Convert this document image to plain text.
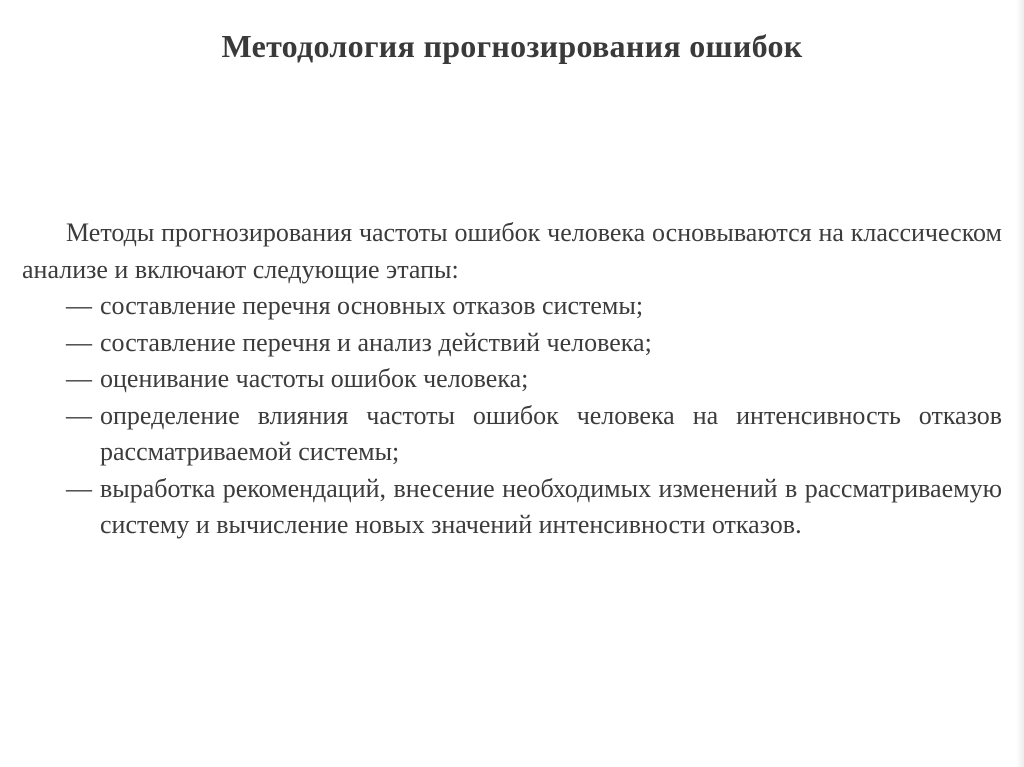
Методология прогнозирования ошибок

Методы прогнозирования частоты ошибок человека основываются на классическом анализе и включают следующие этапы:

— составление перечня основных отказов системы;
— составление перечня и анализ действий человека;
— оценивание частоты ошибок человека;
— определение влияния частоты ошибок человека на интенсивность отказов рассматриваемой системы;
— выработка рекомендаций, внесение необходимых изменений в рассматриваемую систему и вычисление новых значений интенсивности отказов.
